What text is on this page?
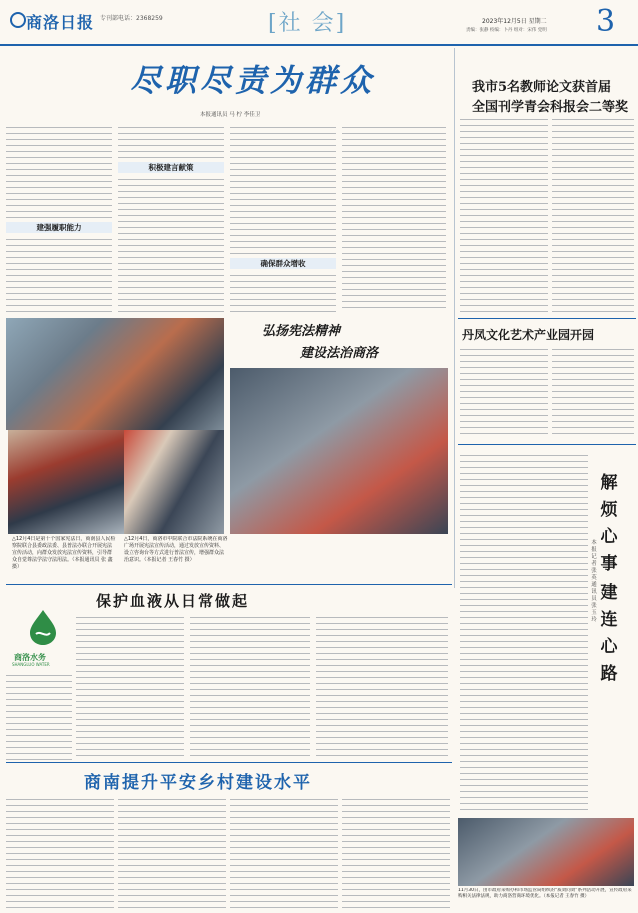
商洛日报 专刊部电话：2368259	[社 会]	2023年12月5日 星期二
责编：张静 校编：卜丹 组对：宋伟 党明 3
尽职尽责为群众
本报通讯员 马 柠 李佳卫
建强履职能力
积极建言献策
确保群众增收
弘扬宪法精神
建设法治商洛
△12月4日是第十个国家宪法日，商南县人民检察院联合县委政法委、县普法办联合开展宪法宣传活动，向群众发放宪法宣传资料，引导群众自觉尊法学法守法用法。（本报通讯员 张 鑫 摄）
△12月4日，商洛市中院联合市法院系统在商洛广场开展宪法宣传活动，通过发放宣传资料、设立咨询台等方式进行普法宣传，增强群众法治意识。（本报记者 王春竹 摄）
我市5名教师论文获首届
全国刊学青会科报会二等奖
丹凤文化艺术产业园开园
解烦心事
本报记者 张 英 通讯员 张玉玲
建连心路
保护血液从日常做起
商洛水务
SHANGLUO WATER
商南提升平安乡村建设水平
11月30日，由市政府采购办和市场监管局组织的“质效问效”系列活动开展，宣传政府采购相关法律法规，助力商洛营商环境优化。（本报记者 王春竹 摄）
